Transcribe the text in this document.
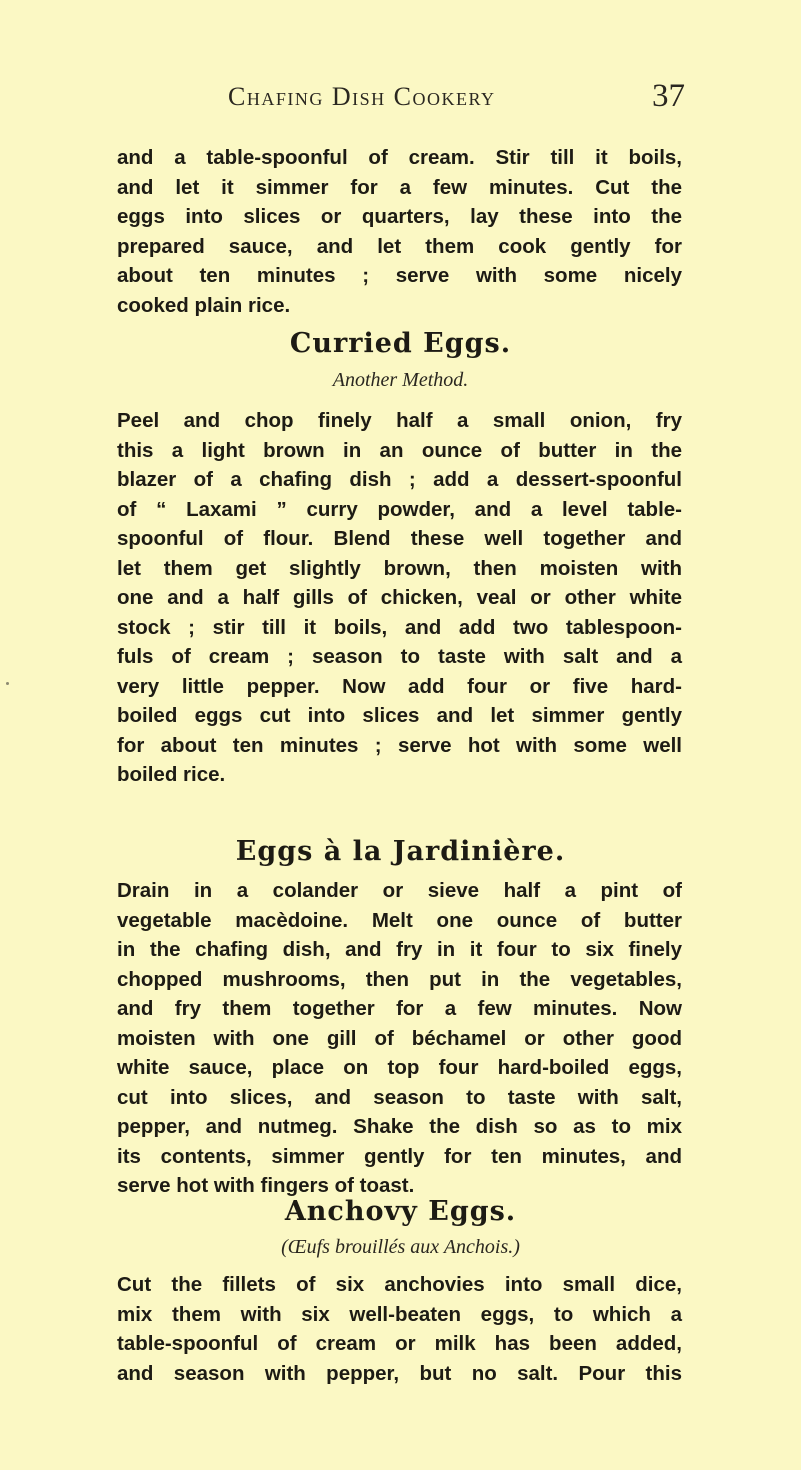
Chafing Dish Cookery	37
and a table-spoonful of cream. Stir till it boils,
and let it simmer for a few minutes. Cut the
eggs into slices or quarters, lay these into the
prepared sauce, and let them cook gently for
about ten minutes ; serve with some nicely
cooked plain rice.
Curried Eggs.
Another Method.
Peel and chop finely half a small onion, fry
this a light brown in an ounce of butter in the
blazer of a chafing dish ; add a dessert-spoonful
of “ Laxami ” curry powder, and a level table-
spoonful of flour. Blend these well together and
let them get slightly brown, then moisten with
one and a half gills of chicken, veal or other white
stock ; stir till it boils, and add two tablespoon-
fuls of cream ; season to taste with salt and a
very little pepper. Now add four or five hard-
boiled eggs cut into slices and let simmer gently
for about ten minutes ; serve hot with some well
boiled rice.
Eggs à la Jardinière.
Drain in a colander or sieve half a pint of
vegetable macèdoine. Melt one ounce of butter
in the chafing dish, and fry in it four to six finely
chopped mushrooms, then put in the vegetables,
and fry them together for a few minutes. Now
moisten with one gill of béchamel or other good
white sauce, place on top four hard-boiled eggs,
cut into slices, and season to taste with salt,
pepper, and nutmeg. Shake the dish so as to mix
its contents, simmer gently for ten minutes, and
serve hot with fingers of toast.
Anchovy Eggs.
(Œufs brouillés aux Anchois.)
Cut the fillets of six anchovies into small dice,
mix them with six well-beaten eggs, to which a
table-spoonful of cream or milk has been added,
and season with pepper, but no salt. Pour this
